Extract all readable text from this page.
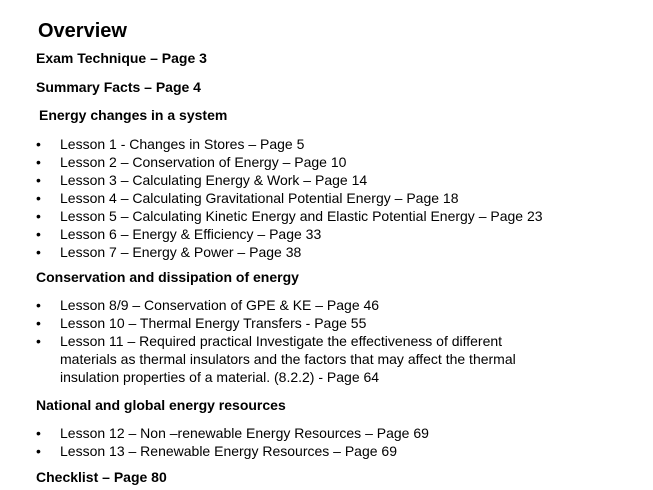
Overview
Exam Technique – Page 3
Summary Facts – Page 4
Energy changes in a system
• Lesson 1 - Changes in Stores – Page 5
• Lesson 2 – Conservation of Energy – Page 10
• Lesson 3 – Calculating Energy & Work – Page 14
• Lesson 4 – Calculating Gravitational Potential Energy – Page 18
• Lesson 5 – Calculating Kinetic Energy and Elastic Potential Energy – Page 23
• Lesson 6 – Energy & Efficiency – Page 33
• Lesson 7 – Energy & Power – Page 38
Conservation and dissipation of energy
• Lesson 8/9 – Conservation of GPE & KE – Page 46
• Lesson 10 – Thermal Energy Transfers - Page 55
• Lesson 11 – Required practical Investigate the effectiveness of different materials as thermal insulators and the factors that may affect the thermal insulation properties of a material. (8.2.2) - Page 64
National and global energy resources
• Lesson 12 – Non –renewable Energy Resources – Page 69
• Lesson 13 – Renewable Energy Resources – Page 69
Checklist – Page 80
